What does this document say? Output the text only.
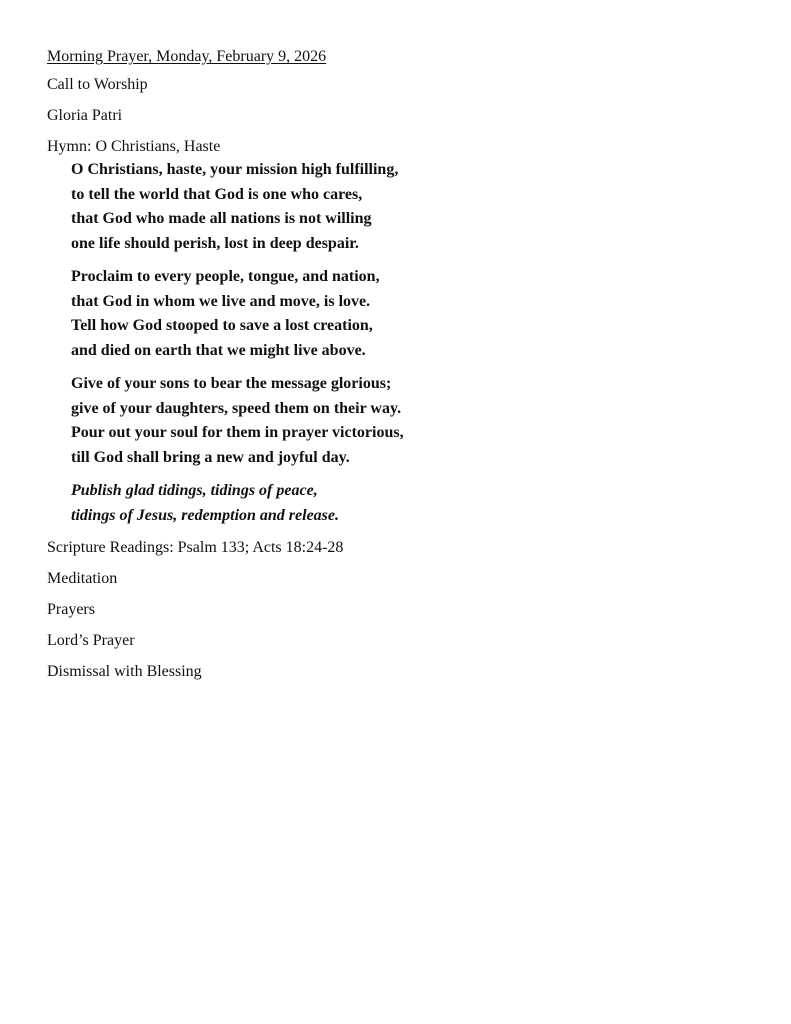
Morning Prayer, Monday, February 9, 2026
Call to Worship
Gloria Patri
Hymn: O Christians, Haste
O Christians, haste, your mission high fulfilling,
to tell the world that God is one who cares,
that God who made all nations is not willing
one life should perish, lost in deep despair.
Proclaim to every people, tongue, and nation,
that God in whom we live and move, is love.
Tell how God stooped to save a lost creation,
and died on earth that we might live above.
Give of your sons to bear the message glorious;
give of your daughters, speed them on their way.
Pour out your soul for them in prayer victorious,
till God shall bring a new and joyful day.
Publish glad tidings, tidings of peace,
tidings of Jesus, redemption and release.
Scripture Readings: Psalm 133; Acts 18:24-28
Meditation
Prayers
Lord’s Prayer
Dismissal with Blessing
